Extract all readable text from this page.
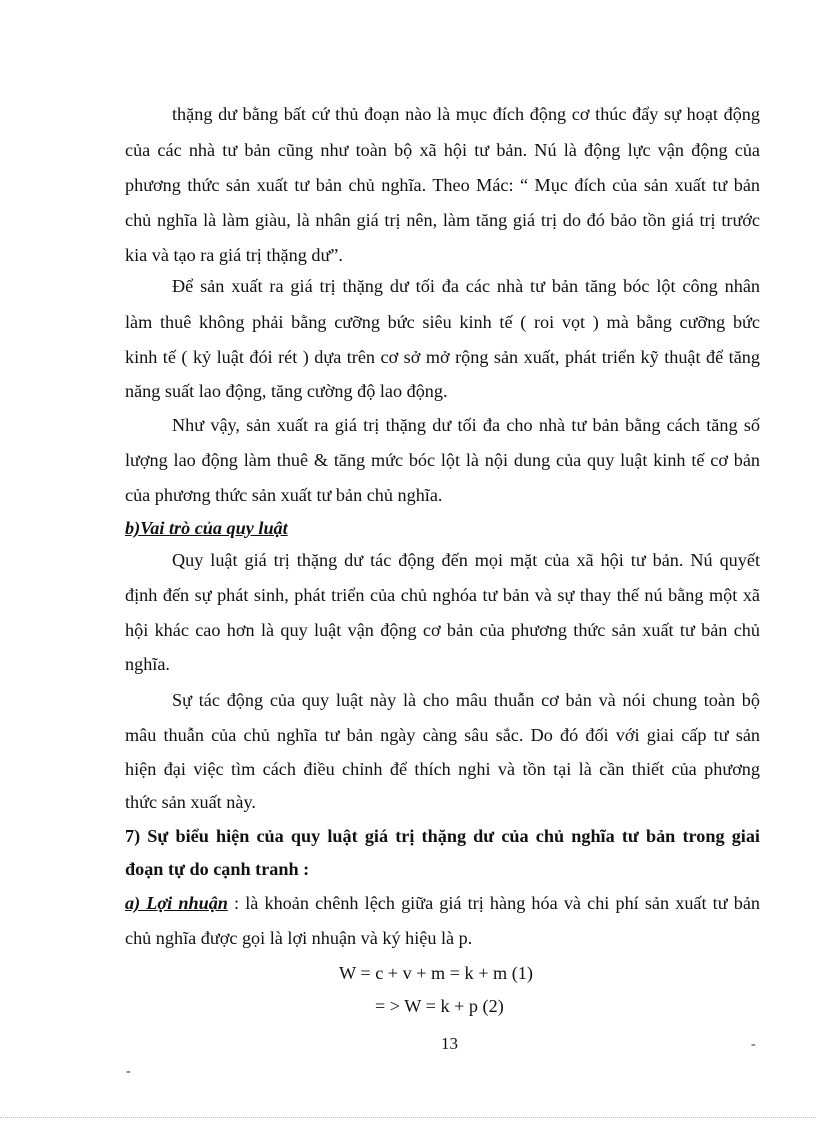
thặng dư bằng bất cứ thủ đoạn nào là mục đích động cơ thúc đẩy sự hoạt động
của các nhà tư bản cũng như toàn bộ xã hội tư bản. Nú là động lực vận động của
phương thức sản xuất tư bản chủ nghĩa. Theo Mác: “ Mục đích của sản xuất tư bản
chủ nghĩa là làm giàu, là nhân giá trị nên, làm tăng giá trị do đó bảo tồn giá trị trước
kia và tạo ra giá trị thặng dư”.
Để sản xuất ra giá trị thặng dư tối đa các nhà tư bản tăng bóc lột công nhân
làm thuê không phải bằng cưỡng bức siêu kinh tế ( roi vọt ) mà bằng cưỡng bức
kinh tế ( kỷ luật đói rét ) dựa trên cơ sở mở rộng sản xuất, phát triển kỹ thuật để tăng
năng suất lao động, tăng cường độ lao động.
Như vậy, sản xuất ra giá trị thặng dư tối đa cho nhà tư bản bằng cách tăng số
lượng lao động làm thuê & tăng mức bóc lột là nội dung của quy luật kinh tế cơ bản
của phương thức sản xuất tư bản chủ nghĩa.
b)Vai trò của quy luật
Quy luật giá trị thặng dư tác động đến mọi mặt của xã hội tư bản. Nú quyết
định đến sự phát sinh, phát triển của chủ nghóa tư bản và sự thay thế nú bằng một xã
hội khác cao hơn là quy luật vận động cơ bản của phương thức sản xuất tư bản chủ
nghĩa.
Sự tác động của quy luật này là cho mâu thuẫn cơ bản và nói chung toàn bộ
mâu thuẫn của chủ nghĩa tư bản ngày càng sâu sắc. Do đó đối với giai cấp tư sản
hiện đại việc tìm cách điều chỉnh để thích nghi và tồn tại là cần thiết của phương
thức sản xuất này.
7) Sự biểu hiện của quy luật giá trị thặng dư của chủ nghĩa tư bản trong giai
đoạn tự do cạnh tranh :
a) Lợi nhuận : là khoản chênh lệch giữa giá trị hàng hóa và chi phí sản xuất tư bản
chủ nghĩa được gọi là lợi nhuận và ký hiệu là p.
W = c + v + m = k + m (1)
= > W = k + p (2)
13	-
-
